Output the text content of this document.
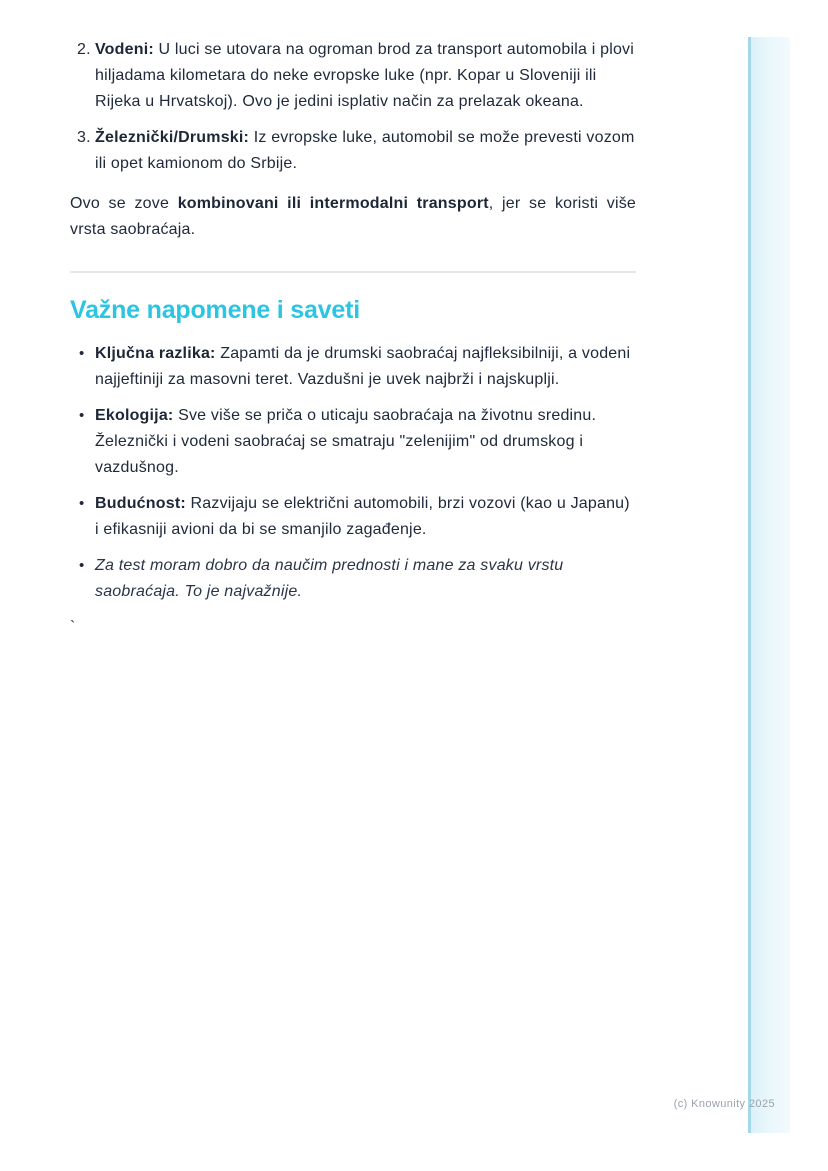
2. Vodeni: U luci se utovara na ogroman brod za transport automobila i plovi hiljadama kilometara do neke evropske luke (npr. Kopar u Sloveniji ili Rijeka u Hrvatskoj). Ovo je jedini isplativ način za prelazak okeana.
3. Železnički/Drumski: Iz evropske luke, automobil se može prevesti vozom ili opet kamionom do Srbije.

Ovo se zove kombinovani ili intermodalni transport, jer se koristi više vrsta saobraćaja.

Važne napomene i saveti
•
Ključna razlika: Zapamti da je drumski saobraćaj najfleksibilniji, a vodeni najjeftiniji za masovni teret. Vazdušni je uvek najbrži i najskuplji.
•
Ekologija: Sve više se priča o uticaju saobraćaja na životnu sredinu. Železnički i vodeni saobraćaj se smatraju "zelenijim" od drumskog i vazdušnog.
•
Budućnost: Razvijaju se električni automobili, brzi vozovi (kao u Japanu) i efikasniji avioni da bi se smanjilo zagađenje.
•
Za test moram dobro da naučim prednosti i mane za svaku vrstu saobraćaja. To je najvažnije.

`

(c) Knowunity 2025
